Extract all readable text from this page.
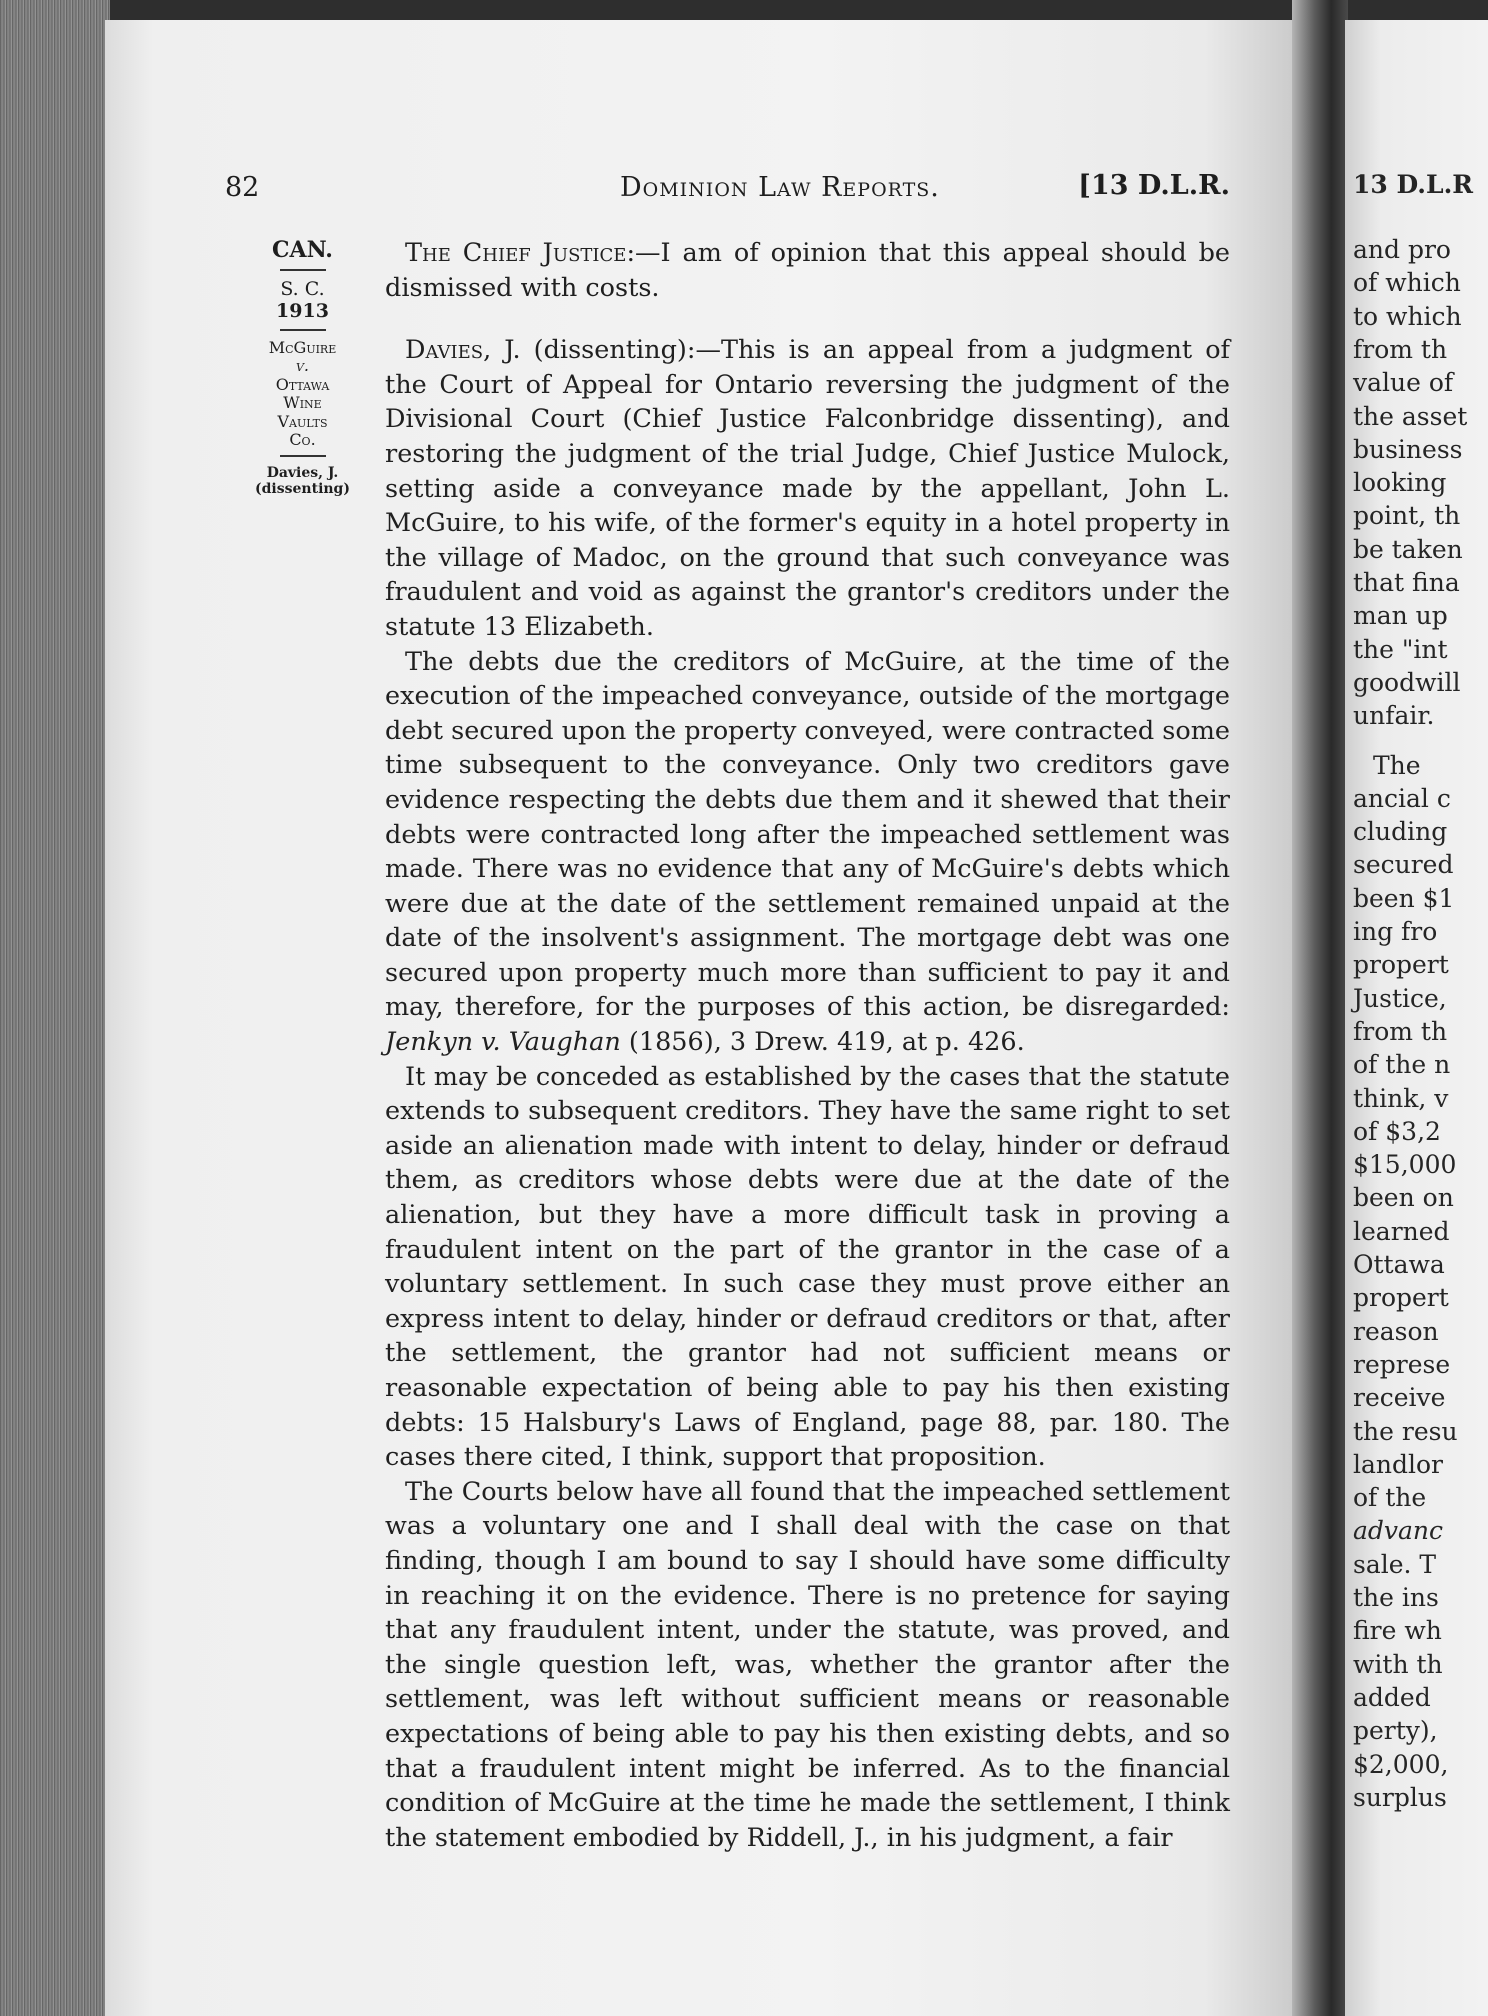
82	Dominion Law Reports.	[13 D.L.R.

CAN.

S. C.

1913

McGuire

v.

Ottawa

Wine

Vaults

Co.

Davies, J.

(dissenting)

The Chief Justice:—I am of opinion that this appeal should be dismissed with costs.

Davies, J. (dissenting):—This is an appeal from a judgment of the Court of Appeal for Ontario reversing the judgment of the Divisional Court (Chief Justice Falconbridge dissenting), and restoring the judgment of the trial Judge, Chief Justice Mulock, setting aside a conveyance made by the appellant, John L. McGuire, to his wife, of the former's equity in a hotel property in the village of Madoc, on the ground that such conveyance was fraudulent and void as against the grantor's creditors under the statute 13 Elizabeth.

The debts due the creditors of McGuire, at the time of the execution of the impeached conveyance, outside of the mortgage debt secured upon the property conveyed, were contracted some time subsequent to the conveyance. Only two creditors gave evidence respecting the debts due them and it shewed that their debts were contracted long after the impeached settlement was made. There was no evidence that any of McGuire's debts which were due at the date of the settlement remained unpaid at the date of the insolvent's assignment. The mortgage debt was one secured upon property much more than sufficient to pay it and may, therefore, for the purposes of this action, be disregarded: Jenkyn v. Vaughan (1856), 3 Drew. 419, at p. 426.

It may be conceded as established by the cases that the statute extends to subsequent creditors. They have the same right to set aside an alienation made with intent to delay, hinder or defraud them, as creditors whose debts were due at the date of the alienation, but they have a more difficult task in proving a fraudulent intent on the part of the grantor in the case of a voluntary settlement. In such case they must prove either an express intent to delay, hinder or defraud creditors or that, after the settlement, the grantor had not sufficient means or reasonable expectation of being able to pay his then existing debts: 15 Halsbury's Laws of England, page 88, par. 180. The cases there cited, I think, support that proposition.

The Courts below have all found that the impeached settlement was a voluntary one and I shall deal with the case on that finding, though I am bound to say I should have some difficulty in reaching it on the evidence. There is no pretence for saying that any fraudulent intent, under the statute, was proved, and the single question left, was, whether the grantor after the settlement, was left without sufficient means or reasonable expectations of being able to pay his then existing debts, and so that a fraudulent intent might be inferred. As to the financial condition of McGuire at the time he made the settlement, I think the statement embodied by Riddell, J., in his judgment, a fair

13 D.L.R
and pro
of which
to which
from th
value of
the asset
business
looking
point, th
be taken
that fina
man up
the "int
goodwill
unfair.
The
ancial c
cluding
secured
been $1
ing fro
propert
Justice,
from th
of the n
think, v
of $3,2
$15,000
been on
learned
Ottawa
propert
reason
represe
receive
the resu
landlor
of the
advanc
sale. T
the ins
fire wh
with th
added
perty),
$2,000,
surplus
